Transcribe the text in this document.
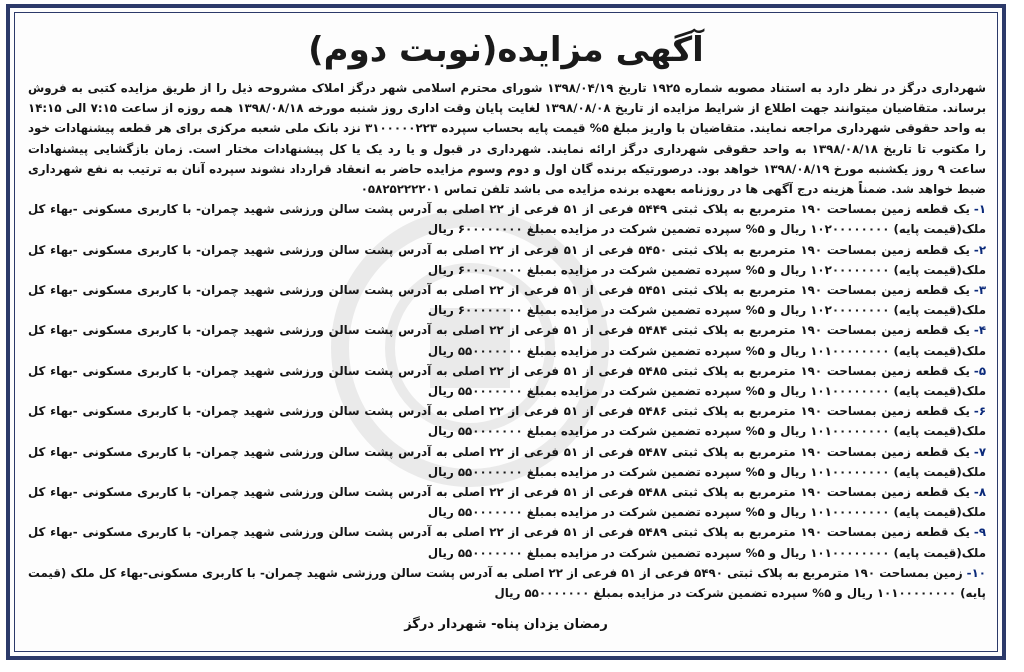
آگهی مزایده(نوبت دوم)

شهرداری درگز در نظر دارد به استناد مصوبه شماره ۱۹۲۵ تاریخ ۱۳۹۸/۰۴/۱۹ شورای محترم اسلامی شهر درگز املاک مشروحه ذیل را از طریق مزایده کتبی به فروش برساند. متقاضیان میتوانند جهت اطلاع از شرایط مزایده از تاریخ ۱۳۹۸/۰۸/۰۸ لغایت پایان وقت اداری روز شنبه مورخه ۱۳۹۸/۰۸/۱۸ همه روزه از ساعت ۷:۱۵ الی ۱۴:۱۵ به واحد حقوقی شهرداری مراجعه نمایند. متقاضیان با واریز مبلغ ۵% قیمت پایه بحساب سپرده ۳۱۰۰۰۰۰۲۲۳ نزد بانک ملی شعبه مرکزی برای هر قطعه پیشنهادات خود را مکتوب تا تاریخ ۱۳۹۸/۰۸/۱۸ به واحد حقوقی شهرداری درگز ارائه نمایند. شهرداری در قبول و یا رد یک یا کل پیشنهادات مختار است. زمان بازگشایی پیشنهادات ساعت ۹ روز یکشنبه مورخ ۱۳۹۸/۰۸/۱۹ خواهد بود. درصورتیکه برنده گان اول و دوم وسوم مزایده حاضر به انعقاد قرارداد نشوند سپرده آنان به ترتیب به نفع شهرداری ضبط خواهد شد. ضمناً هزینه درج آگهی ها در روزنامه بعهده برنده مزایده می باشد تلفن تماس ۰۵۸۲۵۲۲۲۲۰۱

۱-یک قطعه زمین بمساحت ۱۹۰ مترمربع به پلاک ثبتی ۵۴۴۹ فرعی از ۵۱ فرعی از ۲۲ اصلی به آدرس پشت سالن ورزشی شهید چمران- با کاربری مسکونی -بهاء کل ملک(قیمت پایه) ۱۰۲۰۰۰۰۰۰۰۰ ریال و ۵% سپرده تضمین شرکت در مزایده بمبلغ ۶۰۰۰۰۰۰۰۰ ریال
۲-یک قطعه زمین بمساحت ۱۹۰ مترمربع به پلاک ثبتی ۵۴۵۰ فرعی از ۵۱ فرعی از ۲۲ اصلی به آدرس پشت سالن ورزشی شهید چمران- با کاربری مسکونی -بهاء کل ملک(قیمت پایه) ۱۰۲۰۰۰۰۰۰۰۰ ریال و ۵% سپرده تضمین شرکت در مزایده بمبلغ ۶۰۰۰۰۰۰۰۰ ریال
۳-یک قطعه زمین بمساحت ۱۹۰ مترمربع به پلاک ثبتی ۵۴۵۱ فرعی از ۵۱ فرعی از ۲۲ اصلی به آدرس پشت سالن ورزشی شهید چمران- با کاربری مسکونی -بهاء کل ملک(قیمت پایه) ۱۰۲۰۰۰۰۰۰۰۰ ریال و ۵% سپرده تضمین شرکت در مزایده بمبلغ ۶۰۰۰۰۰۰۰۰ ریال
۴-یک قطعه زمین بمساحت ۱۹۰ مترمربع به پلاک ثبتی ۵۴۸۴ فرعی از ۵۱ فرعی از ۲۲ اصلی به آدرس پشت سالن ورزشی شهید چمران- با کاربری مسکونی -بهاء کل ملک(قیمت پایه) ۱۰۱۰۰۰۰۰۰۰۰ ریال و ۵% سپرده تضمین شرکت در مزایده بمبلغ ۵۵۰۰۰۰۰۰۰ ریال
۵-یک قطعه زمین بمساحت ۱۹۰ مترمربع به پلاک ثبتی ۵۴۸۵ فرعی از ۵۱ فرعی از ۲۲ اصلی به آدرس پشت سالن ورزشی شهید چمران- با کاربری مسکونی -بهاء کل ملک(قیمت پایه) ۱۰۱۰۰۰۰۰۰۰۰ ریال و ۵% سپرده تضمین شرکت در مزایده بمبلغ ۵۵۰۰۰۰۰۰۰ ریال
۶-یک قطعه زمین بمساحت ۱۹۰ مترمربع به پلاک ثبتی ۵۴۸۶ فرعی از ۵۱ فرعی از ۲۲ اصلی به آدرس پشت سالن ورزشی شهید چمران- با کاربری مسکونی -بهاء کل ملک(قیمت پایه) ۱۰۱۰۰۰۰۰۰۰۰ ریال و ۵% سپرده تضمین شرکت در مزایده بمبلغ ۵۵۰۰۰۰۰۰۰ ریال
۷-یک قطعه زمین بمساحت ۱۹۰ مترمربع به پلاک ثبتی ۵۴۸۷ فرعی از ۵۱ فرعی از ۲۲ اصلی به آدرس پشت سالن ورزشی شهید چمران- با کاربری مسکونی -بهاء کل ملک(قیمت پایه) ۱۰۱۰۰۰۰۰۰۰۰ ریال و ۵% سپرده تضمین شرکت در مزایده بمبلغ ۵۵۰۰۰۰۰۰۰ ریال
۸-یک قطعه زمین بمساحت ۱۹۰ مترمربع به پلاک ثبتی ۵۴۸۸ فرعی از ۵۱ فرعی از ۲۲ اصلی به آدرس پشت سالن ورزشی شهید چمران- با کاربری مسکونی -بهاء کل ملک(قیمت پایه) ۱۰۱۰۰۰۰۰۰۰۰ ریال و ۵% سپرده تضمین شرکت در مزایده بمبلغ ۵۵۰۰۰۰۰۰۰ ریال
۹-یک قطعه زمین بمساحت ۱۹۰ مترمربع به پلاک ثبتی ۵۴۸۹ فرعی از ۵۱ فرعی از ۲۲ اصلی به آدرس پشت سالن ورزشی شهید چمران- با کاربری مسکونی -بهاء کل ملک(قیمت پایه) ۱۰۱۰۰۰۰۰۰۰۰ ریال و ۵% سپرده تضمین شرکت در مزایده بمبلغ ۵۵۰۰۰۰۰۰۰ ریال
۱۰-زمین بمساحت ۱۹۰ مترمربع به پلاک ثبتی ۵۴۹۰ فرعی از ۵۱ فرعی از ۲۲ اصلی به آدرس پشت سالن ورزشی شهید چمران- با کاربری مسکونی-بهاء کل ملک (قیمت پایه) ۱۰۱۰۰۰۰۰۰۰۰ ریال و ۵% سپرده تضمین شرکت در مزایده بمبلغ ۵۵۰۰۰۰۰۰۰ ریال
رمضان یزدان پناه- شهردار درگز
